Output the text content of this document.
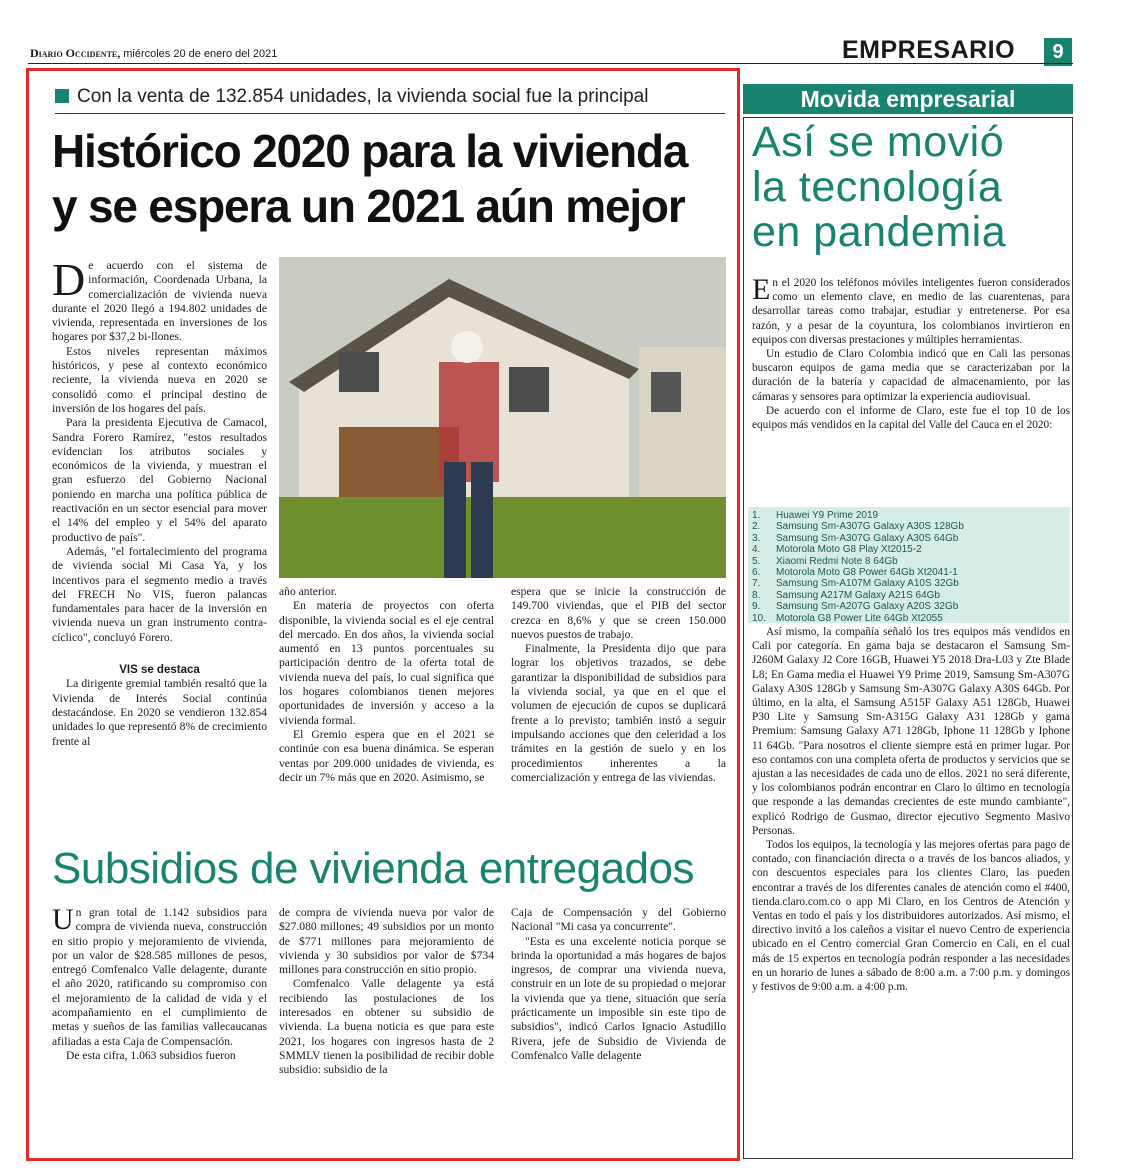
Diario Occidente, miércoles 20 de enero del 2021	EMPRESARIO	9
Con la venta de 132.854 unidades, la vivienda social fue la principal
Histórico 2020 para la vivienda
y se espera un 2021 aún mejor

De acuerdo con el sistema de información, Coordenada Urbana, la comercialización de vivienda nueva durante el 2020 llegó a 194.802 unidades de vivienda, representada en inversiones de los hogares por $37,2 bi-llones.

Estos niveles representan máximos históricos, y pese al contexto económico reciente, la vivienda nueva en 2020 se consolidó como el principal destino de inversión de los hogares del país.

Para la presidenta Ejecutiva de Camacol, Sandra Forero Ramírez, "estos resultados evidencian los atributos sociales y económicos de la vivienda, y muestran el gran esfuerzo del Gobierno Nacional poniendo en marcha una política pública de reactivación en un sector esencial para mover el 14% del empleo y el 54% del aparato productivo de país".

Además, "el fortalecimiento del programa de vivienda social Mi Casa Ya, y los incentivos para el segmento medio a través del FRECH No VIS, fueron palancas fundamentales para hacer de la inversión en vivienda nueva un gran instrumento contra-cíclico", concluyó Forero.

VIS se destaca

La dirigente gremial también resaltó que la Vivienda de Interés Social continúa destacándose. En 2020 se vendieron 132.854 unidades lo que representó 8% de crecimiento frente al

año anterior.

En materia de proyectos con oferta disponible, la vivienda social es el eje central del mercado. En dos años, la vivienda social aumentó en 13 puntos porcentuales su participación dentro de la oferta total de vivienda nueva del país, lo cual significa que los hogares colombianos tienen mejores oportunidades de inversión y acceso a la vivienda formal.

El Gremio espera que en el 2021 se continúe con esa buena dinámica. Se esperan ventas por 209.000 unidades de vivienda, es decir un 7% más que en 2020. Asimismo, se

espera que se inicie la construcción de 149.700 viviendas, que el PIB del sector crezca en 8,6% y que se creen 150.000 nuevos puestos de trabajo.

Finalmente, la Presidenta dijo que para lograr los objetivos trazados, se debe garantizar la disponibilidad de subsidios para la vivienda social, ya que en el que el volumen de ejecución de cupos se duplicará frente a lo previsto; también instó a seguir impulsando acciones que den celeridad a los trámites en la gestión de suelo y en los procedimientos inherentes a la comercialización y entrega de las viviendas.

Subsidios de vivienda entregados

Un gran total de 1.142 subsidios para compra de vivienda nueva, construcción en sitio propio y mejoramiento de vivienda, por un valor de $28.585 millones de pesos, entregó Comfenalco Valle delagente, durante el año 2020, ratificando su compromiso con el mejoramiento de la calidad de vida y el acompañamiento en el cumplimiento de metas y sueños de las familias vallecaucanas afiliadas a esta Caja de Compensación.

De esta cifra, 1.063 subsidios fueron

de compra de vivienda nueva por valor de $27.080 millones; 49 subsidios por un monto de $771 millones para mejoramiento de vivienda y 30 subsidios por valor de $734 millones para construcción en sitio propio.

Comfenalco Valle delagente ya está recibiendo las postulaciones de los interesados en obtener su subsidio de vivienda. La buena noticia es que para este 2021, los hogares con ingresos hasta de 2 SMMLV tienen la posibilidad de recibir doble subsidio: subsidio de la

Caja de Compensación y del Gobierno Nacional "Mi casa ya concurrente".

"Esta es una excelente noticia porque se brinda la oportunidad a más hogares de bajos ingresos, de comprar una vivienda nueva, construir en un lote de su propiedad o mejorar la vivienda que ya tiene, situación que sería prácticamente un imposible sin este tipo de subsidios", indicó Carlos Ignacio Astudillo Rivera, jefe de Subsidio de Vivienda de Comfenalco Valle delagente

Movida empresarial
Así se movió
la tecnología
en pandemia

En el 2020 los teléfonos móviles inteligentes fueron considerados como un elemento clave, en medio de las cuarentenas, para desarrollar tareas como trabajar, estudiar y entretenerse. Por esa razón, y a pesar de la coyuntura, los colombianos invirtieron en equipos con diversas prestaciones y múltiples herramientas.

Un estudio de Claro Colombia indicó que en Cali las personas buscaron equipos de gama media que se caracterizaban por la duración de la batería y capacidad de almacenamiento, por las cámaras y sensores para optimizar la experiencia audiovisual.

De acuerdo con el informe de Claro, este fue el top 10 de los equipos más vendidos en la capital del Valle del Cauca en el 2020:

1.	Huawei Y9 Prime 2019
2.	Samsung Sm-A307G Galaxy A30S 128Gb
3.	Samsung Sm-A307G Galaxy A30S 64Gb
4.	Motorola Moto G8 Play Xt2015-2
5.	Xiaomi Redmi Note 8 64Gb
6.	Motorola Moto G8 Power 64Gb Xt2041-1
7.	Samsung Sm-A107M Galaxy A10S 32Gb
8.	Samsung A217M Galaxy A21S 64Gb
9.	Samsung Sm-A207G Galaxy A20S 32Gb
10.	Motorola G8 Power Lite 64Gb Xt2055

Así mismo, la compañía señaló los tres equipos más vendidos en Cali por categoría. En gama baja se destacaron el Samsung Sm-J260M Galaxy J2 Core 16GB, Huawei Y5 2018 Dra-L03 y Zte Blade L8; En Gama media el Huawei Y9 Prime 2019, Samsung Sm-A307G Galaxy A30S 128Gb y Samsung Sm-A307G Galaxy A30S 64Gb. Por último, en la alta, el Samsung A515F Galaxy A51 128Gb, Huawei P30 Lite y Samsung Sm-A315G Galaxy A31 128Gb y gama Premium: Samsung Galaxy A71 128Gb, Iphone 11 128Gb y Iphone 11 64Gb. "Para nosotros el cliente siempre está en primer lugar. Por eso contamos con una completa oferta de productos y servicios que se ajustan a las necesidades de cada uno de ellos. 2021 no será diferente, y los colombianos podrán encontrar en Claro lo último en tecnología que responde a las demandas crecientes de este mundo cambiante", explicó Rodrigo de Gusmao, director ejecutivo Segmento Masivo Personas.

Todos los equipos, la tecnología y las mejores ofertas para pago de contado, con financiación directa o a través de los bancos aliados, y con descuentos especiales para los clientes Claro, las pueden encontrar a través de los diferentes canales de atención como el #400, tienda.claro.com.co o app Mi Claro, en los Centros de Atención y Ventas en todo el país y los distribuidores autorizados. Así mismo, el directivo invitó a los caleños a visitar el nuevo Centro de experiencia ubicado en el Centro comercial Gran Comercio en Cali, en el cual más de 15 expertos en tecnología podrán responder a las necesidades en un horario de lunes a sábado de 8:00 a.m. a 7:00 p.m. y domingos y festivos de 9:00 a.m. a 4:00 p.m.
